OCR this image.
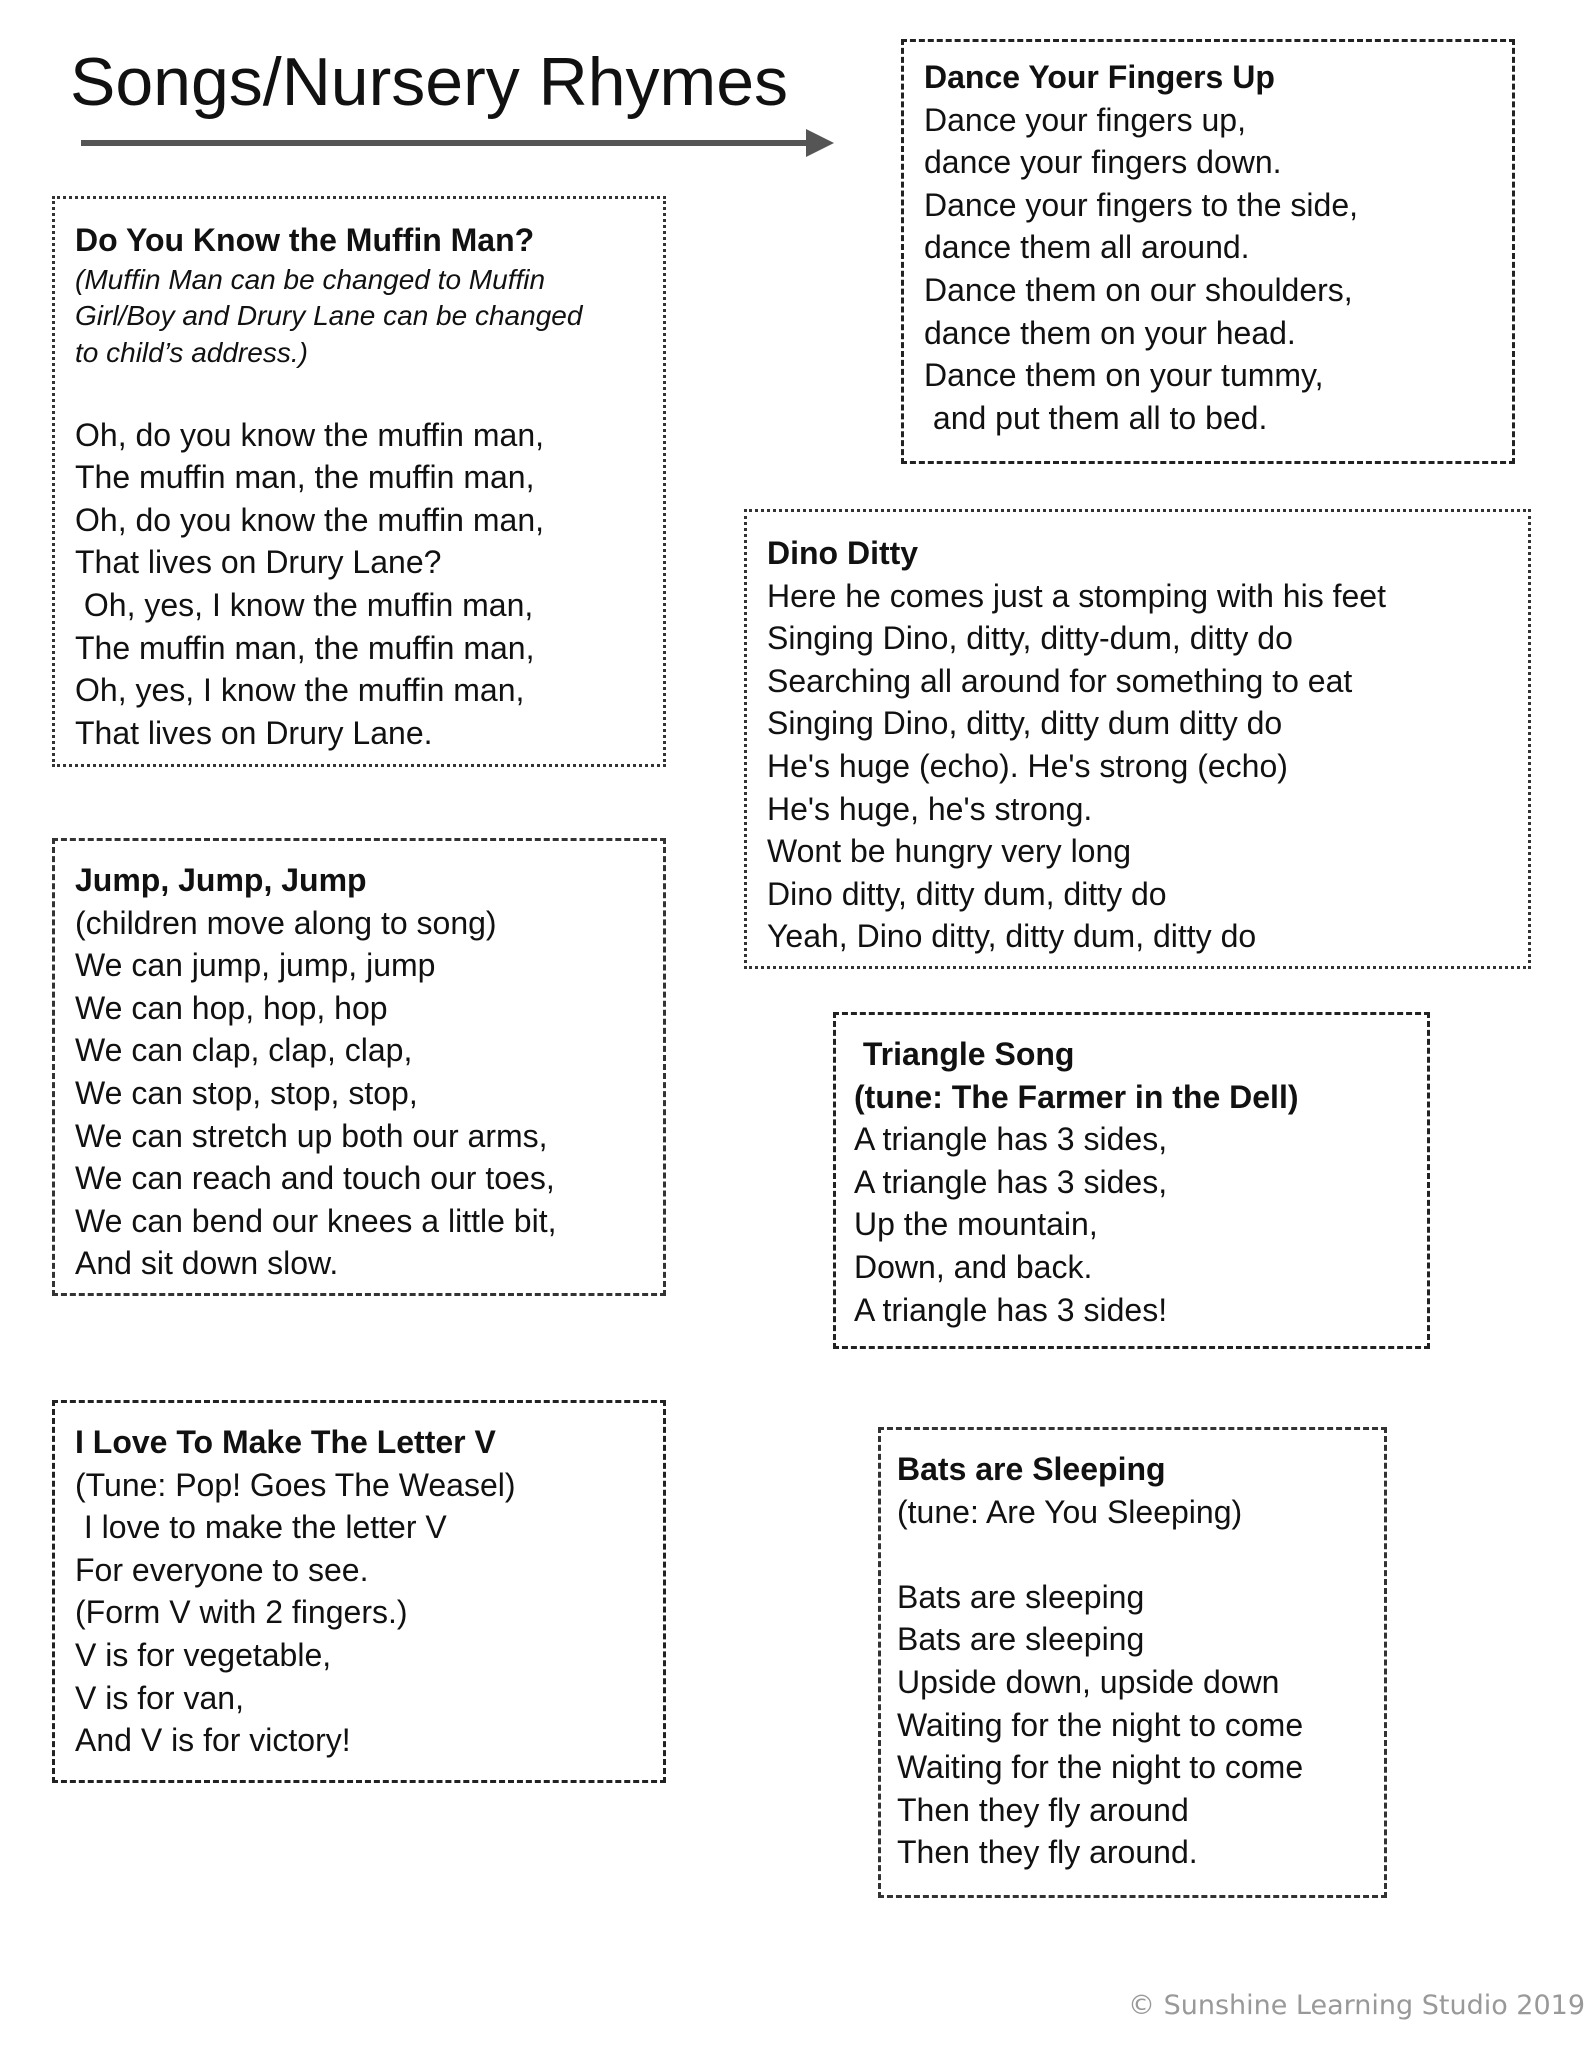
Songs/Nursery Rhymes	Dance Your Fingers Up
Dance your fingers up,
dance your fingers down.
Dance your fingers to the side,
dance them all around.
Dance them on our shoulders,
dance them on your head.
Dance them on your tummy,
and put them all to bed.
Do You Know the Muffin Man?
(Muffin Man can be changed to Muffin
Girl/Boy and Drury Lane can be changed
to child’s address.)
Oh, do you know the muffin man,
The muffin man, the muffin man,
Oh, do you know the muffin man,
That lives on Drury Lane?
Oh, yes, I know the muffin man,
The muffin man, the muffin man,
Oh, yes, I know the muffin man,
That lives on Drury Lane.
Dino Ditty
Here he comes just a stomping with his feet
Singing Dino, ditty, ditty-dum, ditty do
Searching all around for something to eat
Singing Dino, ditty, ditty dum ditty do
He's huge (echo). He's strong (echo)
He's huge, he's strong.
Wont be hungry very long
Dino ditty, ditty dum, ditty do
Yeah, Dino ditty, ditty dum, ditty do
Jump, Jump, Jump
(children move along to song)
We can jump, jump, jump
We can hop, hop, hop
We can clap, clap, clap,
We can stop, stop, stop,
We can stretch up both our arms,
We can reach and touch our toes,
We can bend our knees a little bit,
And sit down slow.
Triangle Song
(tune: The Farmer in the Dell)
A triangle has 3 sides,
A triangle has 3 sides,
Up the mountain,
Down, and back.
A triangle has 3 sides!
I Love To Make The Letter V
(Tune: Pop! Goes The Weasel)
I love to make the letter V
For everyone to see.
(Form V with 2 fingers.)
V is for vegetable,
V is for van,
And V is for victory!
Bats are Sleeping
(tune: Are You Sleeping)
Bats are sleeping
Bats are sleeping
Upside down, upside down
Waiting for the night to come
Waiting for the night to come
Then they fly around
Then they fly around.
© Sunshine Learning Studio 2019
